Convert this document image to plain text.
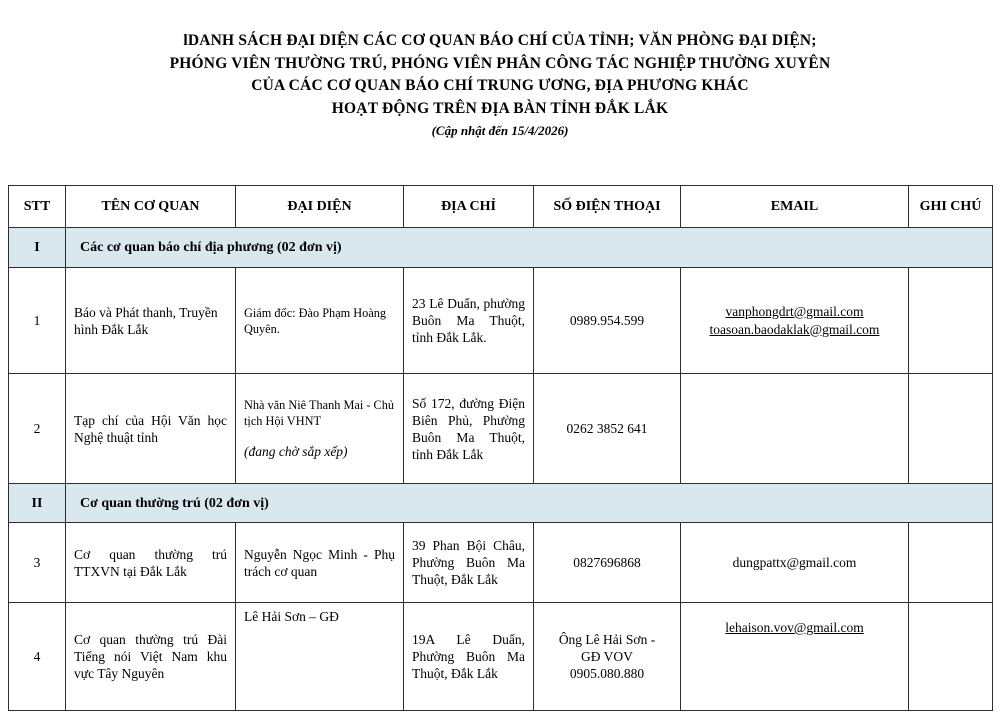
lDANH SÁCH ĐẠI DIỆN CÁC CƠ QUAN BÁO CHÍ CỦA TỈNH; VĂN PHÒNG ĐẠI DIỆN;
PHÓNG VIÊN THƯỜNG TRÚ, PHÓNG VIÊN PHÂN CÔNG TÁC NGHIỆP THƯỜNG XUYÊN
CỦA CÁC CƠ QUAN BÁO CHÍ TRUNG ƯƠNG, ĐỊA PHƯƠNG KHÁC
HOẠT ĐỘNG TRÊN ĐỊA BÀN TỈNH ĐẮK LẮK
(Cập nhật đến 15/4/2026)
STT	TÊN CƠ QUAN	ĐẠI DIỆN	ĐỊA CHỈ	SỐ ĐIỆN THOẠI	EMAIL	GHI CHÚ
I	Các cơ quan báo chí địa phương (02 đơn vị)					
1	Báo và Phát thanh, Truyền hình Đắk Lắk	Giám đốc: Đào Phạm Hoàng Quyên.	23 Lê Duẩn, phường Buôn Ma Thuột, tỉnh Đắk Lắk.	0989.954.599	vanphongdrt@gmail.com
toasoan.baodaklak@gmail.com	

2	Tạp chí của Hội Văn học Nghệ thuật tỉnh	Nhà văn Niê Thanh Mai - Chủ tịch Hội VHNT

(đang chờ sắp xếp)	Số 172, đường Điện Biên Phủ, Phường Buôn Ma Thuột, tỉnh Đắk Lắk	0262 3852 641		
II	Cơ quan thường trú (02 đơn vị)					
3	Cơ quan thường trú TTXVN tại Đắk Lắk	Nguyễn Ngọc Minh - Phụ trách cơ quan	39 Phan Bội Châu, Phường Buôn Ma Thuột, Đắk Lắk	0827696868	dungpattx@gmail.com	

4	Cơ quan thường trú Đài Tiếng nói Việt Nam khu vực Tây Nguyên	Lê Hải Sơn – GĐ	19A Lê Duẩn, Phường Buôn Ma Thuột, Đắk Lắk	Ông Lê Hải Sơn -
GĐ VOV
0905.080.880	lehaison.vov@gmail.com	
